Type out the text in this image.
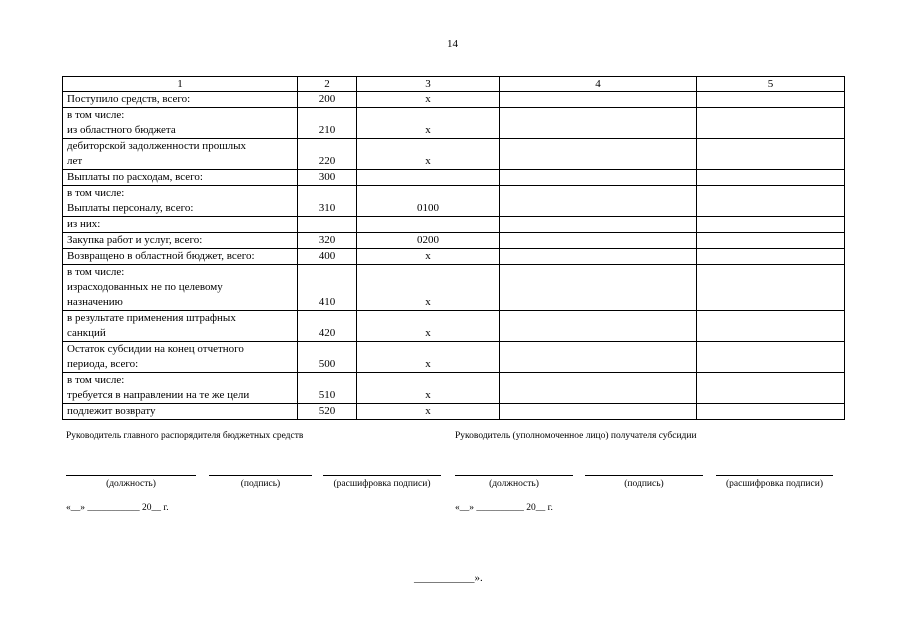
14
1	2	3	4	5

Поступило средств, всего:	200	х		

в том числе:
из областного бюджета	210	х		

дебиторской задолженности прошлых
лет	220	х		

Выплаты по расходам, всего:	300			

в том числе:
Выплаты персоналу, всего:	310	0100		

из них:				

Закупка работ и услуг, всего:	320	0200		

Возвращено в областной бюджет, всего:	400	х		

в том числе:
израсходованных не по целевому
назначению	410	х		

в результате применения штрафных
санкций	420	х		

Остаток субсидии на конец отчетного
периода, всего:	500	х		

в том числе:
требуется в направлении на те же цели	510	х		

подлежит возврату	520	х		
Руководитель главного распорядителя бюджетных средств
(должность)	(подпись)	(расшифровка подписи)
«__» ___________ 20__ г.
Руководитель (уполномоченное лицо) получателя субсидии
(должность)	(подпись)	(расшифровка подписи)
«__» __________ 20__ г.
___________».
